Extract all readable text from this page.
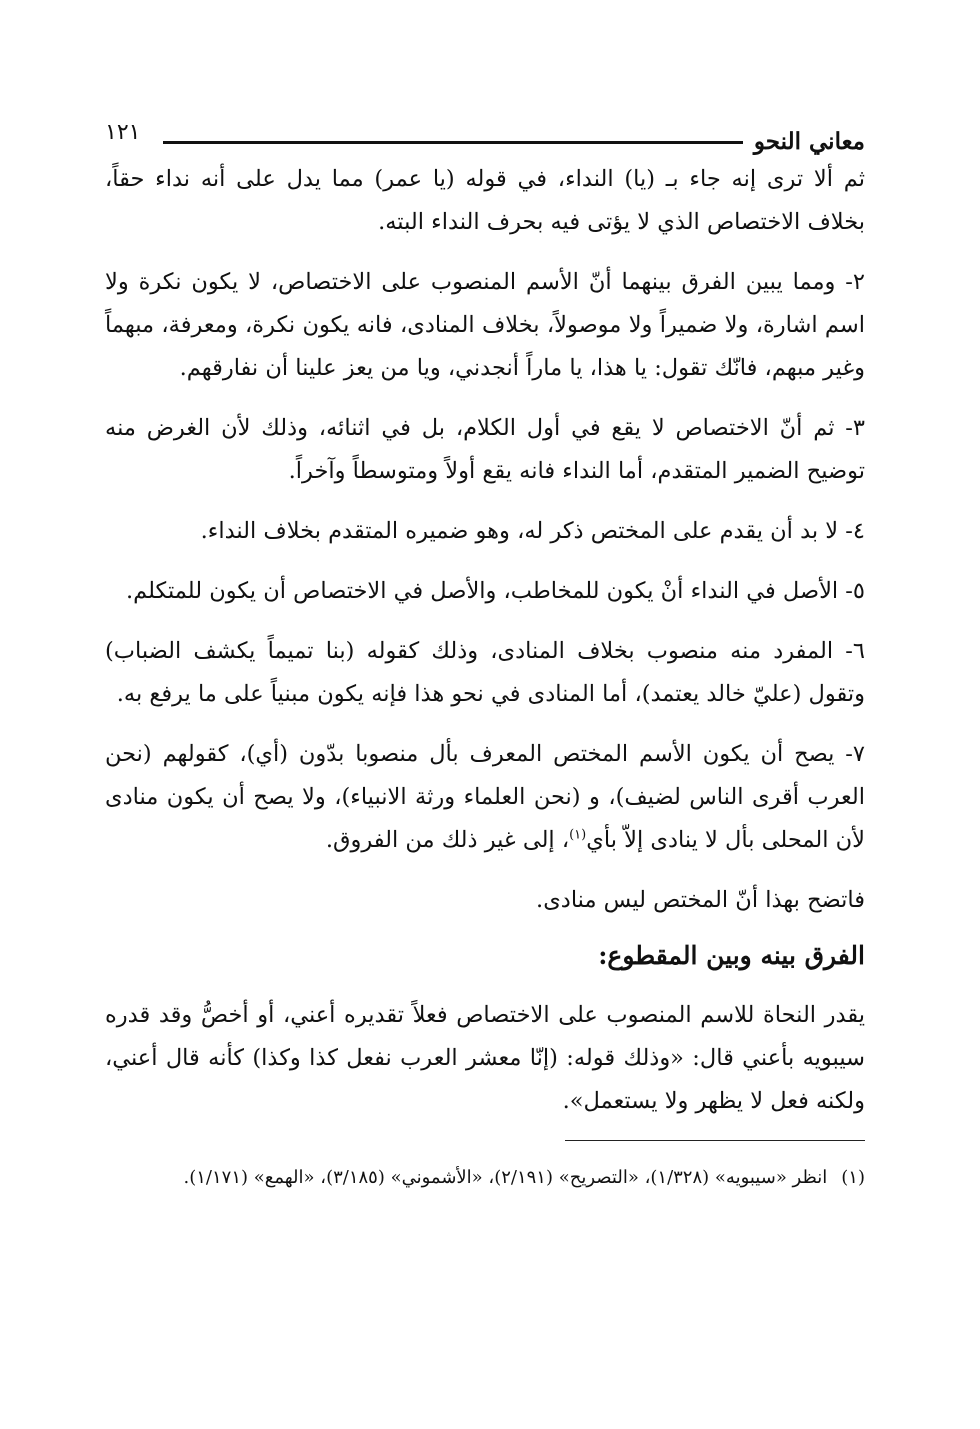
معاني النحو
١٢١

ثم ألا ترى إنه جاء بـ (يا) النداء، في قوله (يا عمر) مما يدل على أنه نداء حقاً، بخلاف الاختصاص الذي لا يؤتى فيه بحرف النداء البته.

٢- ومما يبين الفرق بينهما أنّ الأسم المنصوب على الاختصاص، لا يكون نكرة ولا اسم اشارة، ولا ضميراً ولا موصولاً، بخلاف المنادى، فانه يكون نكرة، ومعرفة، مبهماً وغير مبهم، فانّك تقول: يا هذا، يا ماراً أنجدني، ويا من يعز علينا أن نفارقهم.

٣- ثم أنّ الاختصاص لا يقع في أول الكلام، بل في اثنائه، وذلك لأن الغرض منه توضيح الضمير المتقدم، أما النداء فانه يقع أولاً ومتوسطاً وآخراً.

٤- لا بد أن يقدم على المختص ذكر له، وهو ضميره المتقدم بخلاف النداء.

٥- الأصل في النداء أنْ يكون للمخاطب، والأصل في الاختصاص أن يكون للمتكلم.

٦- المفرد منه منصوب بخلاف المنادى، وذلك كقوله (بنا تميماً يكشف الضباب) وتقول (عليّ خالد يعتمد)، أما المنادى في نحو هذا فإنه يكون مبنياً على ما يرفع به.

٧- يصح أن يكون الأسم المختص المعرف بأل منصوبا بدّون (أي)، كقولهم (نحن العرب أقرى الناس لضيف)، و (نحن العلماء ورثة الانبياء)، ولا يصح أن يكون منادى لأن المحلى بأل لا ينادى إلاّ بأي$^{(١)}$، إلى غير ذلك من الفروق.

فاتضح بهذا أنّ المختص ليس منادى.

الفرق بينه وبين المقطوع:

يقدر النحاة للاسم المنصوب على الاختصاص فعلاً تقديره أعني، أو أخصُّ وقد قدره سيبويه بأعني قال: «وذلك قوله: (إنّا معشر العرب نفعل كذا وكذا) كأنه قال أعني، ولكنه فعل لا يظهر ولا يستعمل».

(١)انظر «سيبويه» (١/٣٢٨)، «التصريح» (٢/١٩١)، «الأشموني» (٣/١٨٥)، «الهمع» (١/١٧١).
